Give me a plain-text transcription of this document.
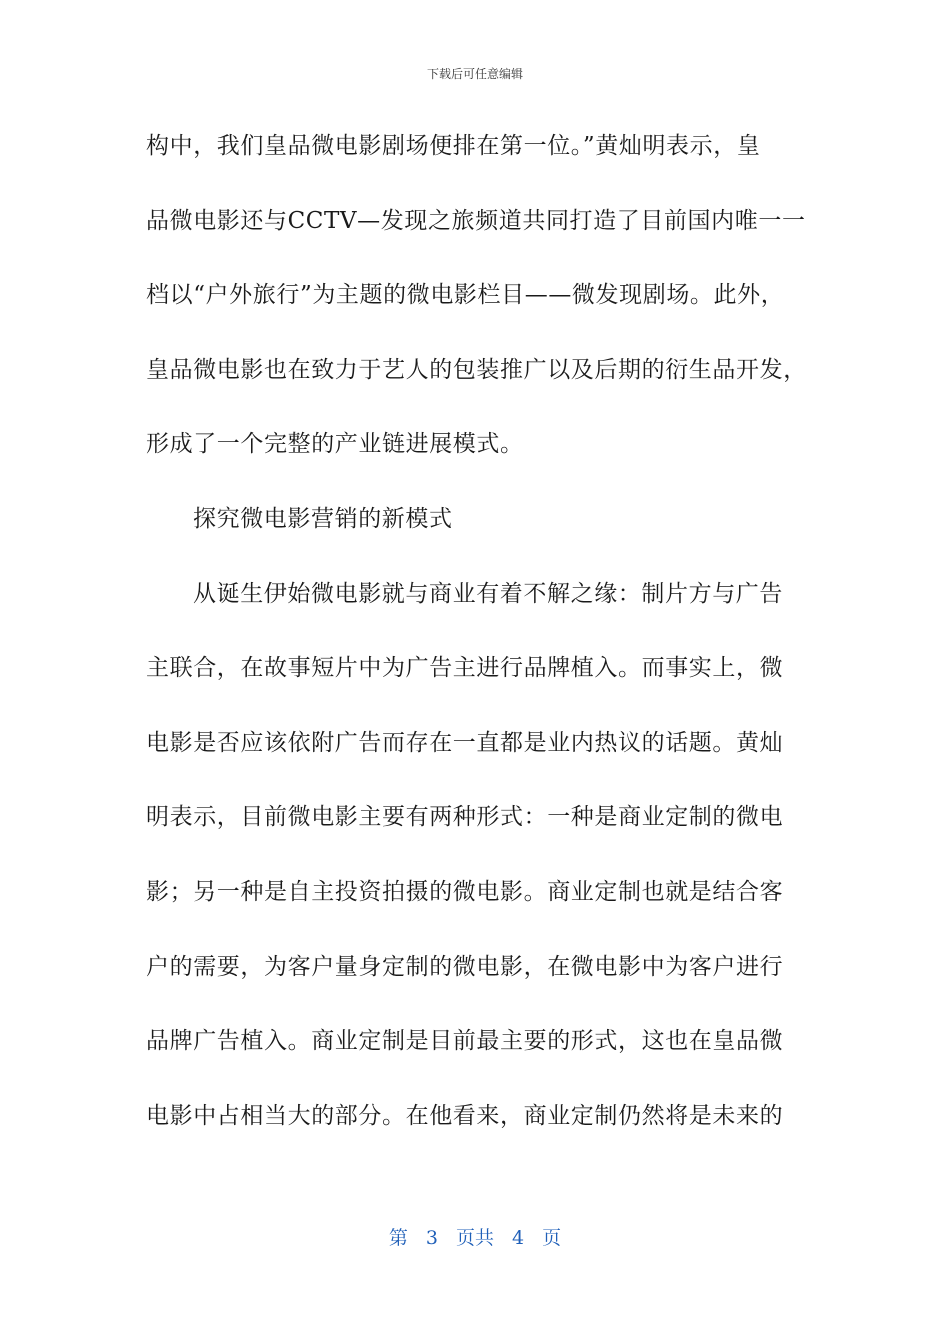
下载后可任意编辑
构中，我们皇品微电影剧场便排在第一位。”黄灿明表示，皇
品微电影还与CCTV—发现之旅频道共同打造了目前国内唯一一
档以“户外旅行”为主题的微电影栏目——微发现剧场。此外，
皇品微电影也在致力于艺人的包装推广以及后期的衍生品开发，
形成了一个完整的产业链进展模式。
探究微电影营销的新模式
从诞生伊始微电影就与商业有着不解之缘：制片方与广告
主联合，在故事短片中为广告主进行品牌植入。而事实上，微
电影是否应该依附广告而存在一直都是业内热议的话题。黄灿
明表示，目前微电影主要有两种形式：一种是商业定制的微电
影；另一种是自主投资拍摄的微电影。商业定制也就是结合客
户的需要，为客户量身定制的微电影，在微电影中为客户进行
品牌广告植入。商业定制是目前最主要的形式，这也在皇品微
电影中占相当大的部分。在他看来，商业定制仍然将是未来的
第 3 页共 4 页
